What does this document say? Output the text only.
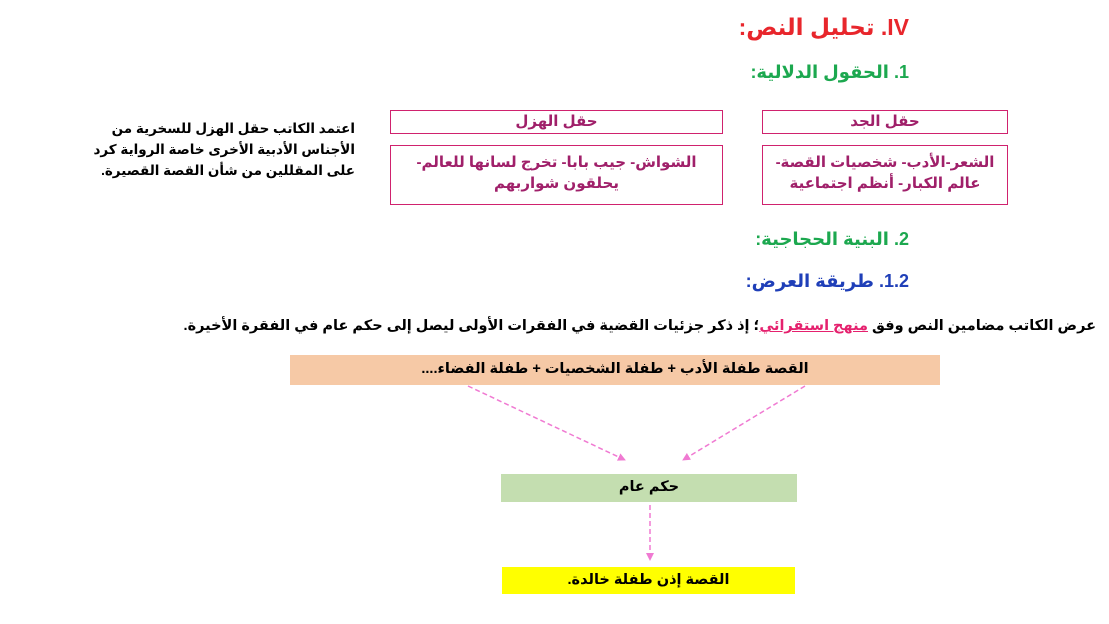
IV. تحليل النص:
1. الحقول الدلالية:
حقل الجد
الشعر-الأدب- شخصيات القصة- عالم الكبار- أنظم اجتماعية
حقل الهزل
الشواش- جيب بابا- تخرج لسانها للعالم- يحلقون شواربهم
اعتمد الكاتب حقل الهزل للسخرية من
الأجناس الأدبية الأخرى خاصة الرواية كرد
على المقللين من شأن القصة القصيرة.
2. البنية الحجاجية:
1.2. طريقة العرض:
عرض الكاتب مضامين النص وفق منهج استقرائي؛ إذ ذكر جزئيات القضية في الفقرات الأولى ليصل إلى حكم عام في الفقرة الأخيرة.
القصة طفلة الأدب + طفلة الشخصيات + طفلة الفضاء....
حكم عام
القصة إذن طفلة خالدة.
